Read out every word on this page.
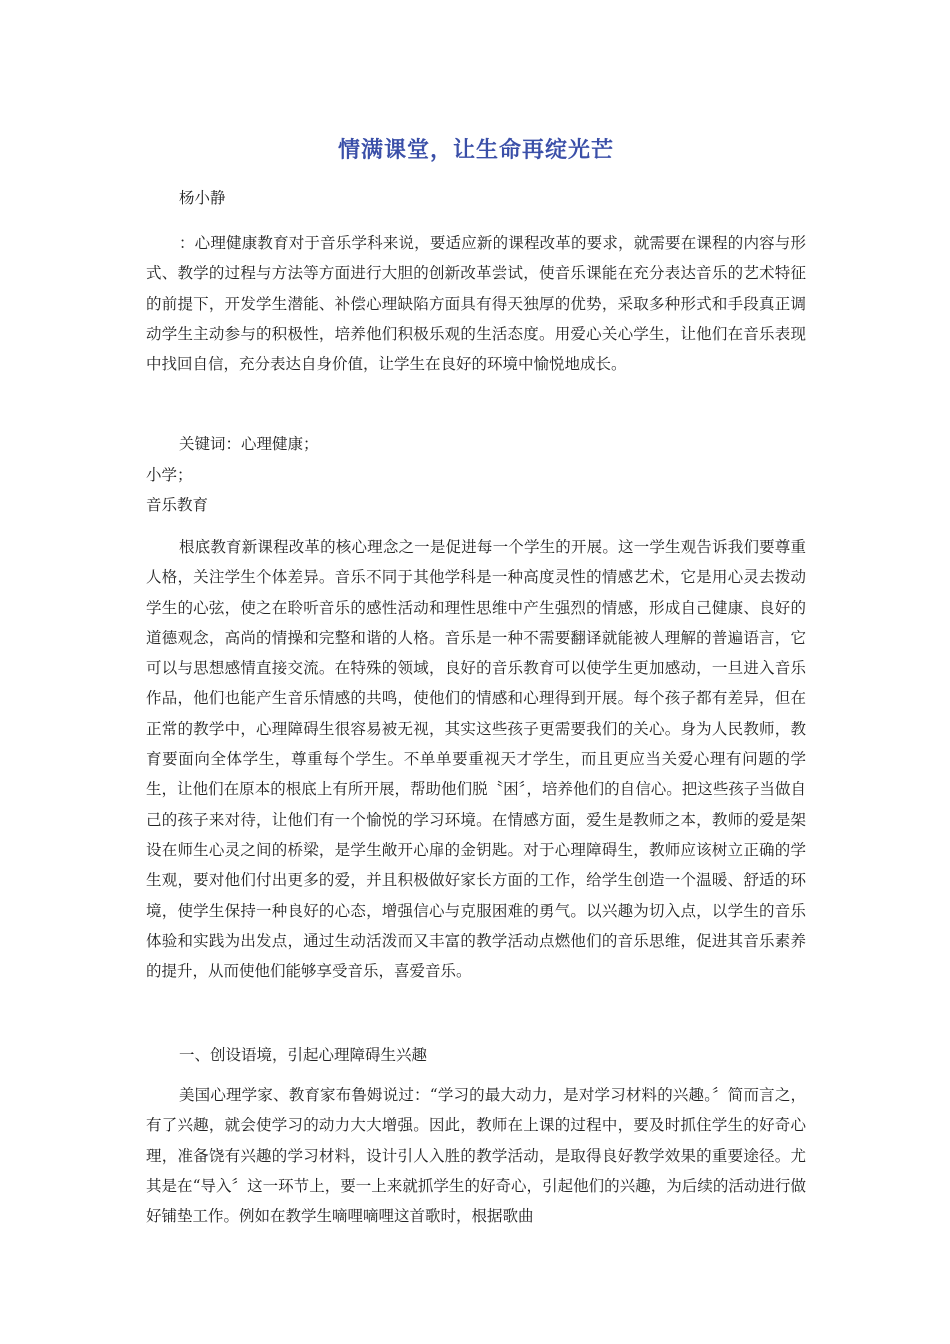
情满课堂，让生命再绽光芒
杨小静

：心理健康教育对于音乐学科来说，要适应新的课程改革的要求，就需要在课程的内容与形式、教学的过程与方法等方面进行大胆的创新改革尝试，使音乐课能在充分表达音乐的艺术特征的前提下，开发学生潜能、补偿心理缺陷方面具有得天独厚的优势，采取多种形式和手段真正调动学生主动参与的积极性，培养他们积极乐观的生活态度。用爱心关心学生，让他们在音乐表现中找回自信，充分表达自身价值，让学生在良好的环境中愉悦地成长。

关键词：心理健康；
小学；
音乐教育

根底教育新课程改革的核心理念之一是促进每一个学生的开展。这一学生观告诉我们要尊重人格，关注学生个体差异。音乐不同于其他学科是一种高度灵性的情感艺术，它是用心灵去拨动学生的心弦，使之在聆听音乐的感性活动和理性思维中产生强烈的情感，形成自己健康、良好的道德观念，高尚的情操和完整和谐的人格。音乐是一种不需要翻译就能被人理解的普遍语言，它可以与思想感情直接交流。在特殊的领域，良好的音乐教育可以使学生更加感动，一旦进入音乐作品，他们也能产生音乐情感的共鸣，使他们的情感和心理得到开展。每个孩子都有差异，但在正常的教学中，心理障碍生很容易被无视，其实这些孩子更需要我们的关心。身为人民教师，教育要面向全体学生，尊重每个学生。不单单要重视天才学生，而且更应当关爱心理有问题的学生，让他们在原本的根底上有所开展，帮助他们脱〝困〞，培养他们的自信心。把这些孩子当做自己的孩子来对待，让他们有一个愉悦的学习环境。在情感方面，爱生是教师之本，教师的爱是架设在师生心灵之间的桥梁，是学生敞开心扉的金钥匙。对于心理障碍生，教师应该树立正确的学生观，要对他们付出更多的爱，并且积极做好家长方面的工作，给学生创造一个温暖、舒适的环境，使学生保持一种良好的心态，增强信心与克服困难的勇气。以兴趣为切入点，以学生的音乐体验和实践为出发点，通过生动活泼而又丰富的教学活动点燃他们的音乐思维，促进其音乐素养的提升，从而使他们能够享受音乐，喜爱音乐。

一、创设语境，引起心理障碍生兴趣

美国心理学家、教育家布鲁姆说过：“学习的最大动力，是对学习材料的兴趣。〞简而言之，有了兴趣，就会使学习的动力大大增强。因此，教师在上课的过程中，要及时抓住学生的好奇心理，准备饶有兴趣的学习材料，设计引人入胜的教学活动，是取得良好教学效果的重要途径。尤其是在“导入〞这一环节上，要一上来就抓学生的好奇心，引起他们的兴趣，为后续的活动进行做好铺垫工作。例如在教学生嘀哩嘀哩这首歌时，根据歌曲
